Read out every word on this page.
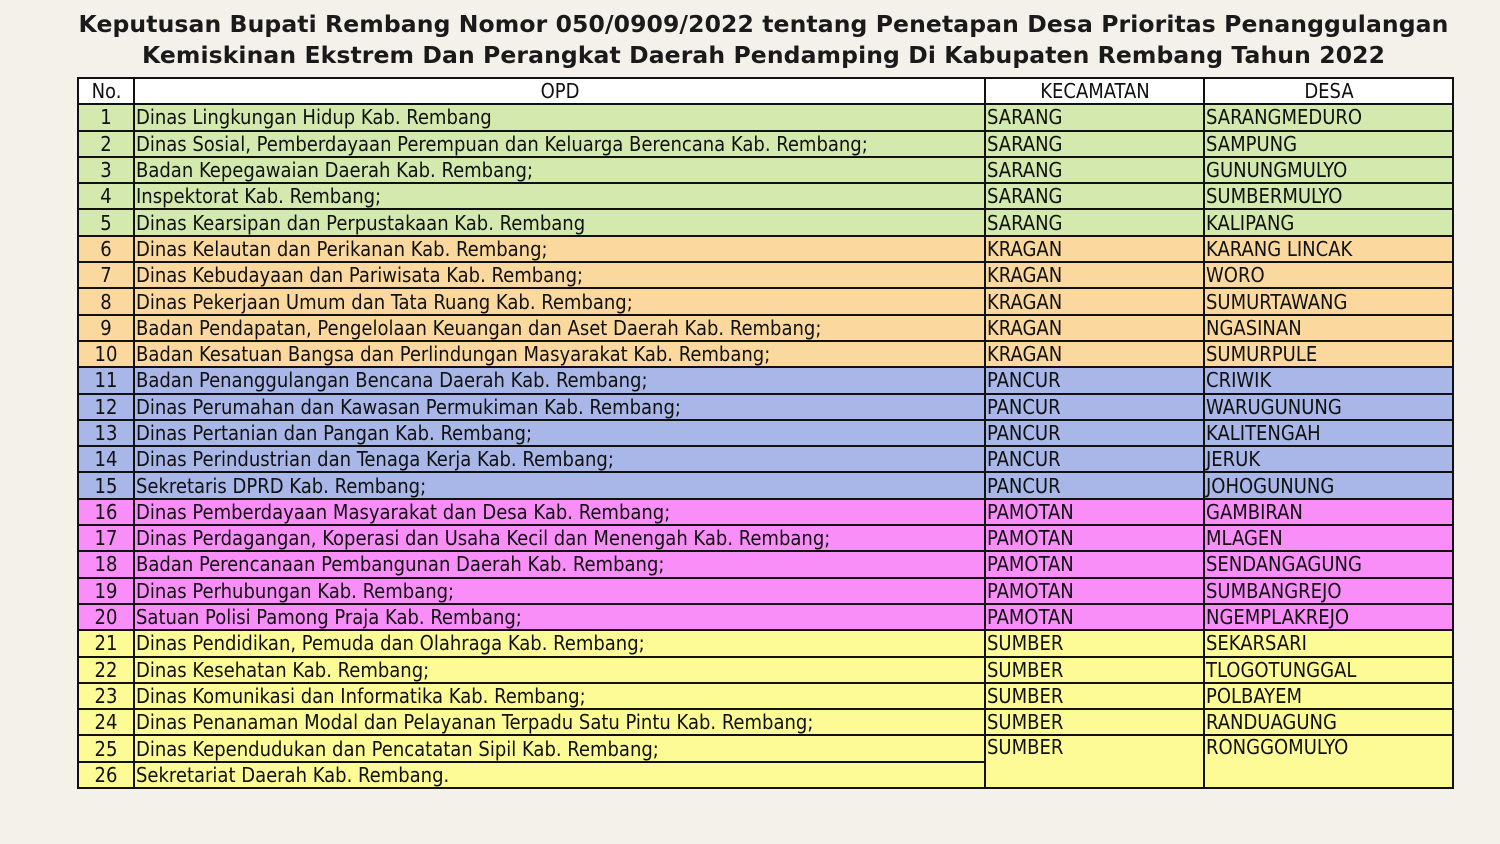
Keputusan Bupati Rembang Nomor 050/0909/2022 tentang Penetapan Desa Prioritas Penanggulangan
Kemiskinan Ekstrem Dan Perangkat Daerah Pendamping Di Kabupaten Rembang Tahun 2022
No.	OPD	KECAMATAN	DESA
1	Dinas Lingkungan Hidup Kab. Rembang	SARANG	SARANGMEDURO
2	Dinas Sosial, Pemberdayaan Perempuan dan Keluarga Berencana Kab. Rembang;	SARANG	SAMPUNG
3	Badan Kepegawaian Daerah Kab. Rembang;	SARANG	GUNUNGMULYO
4	Inspektorat Kab. Rembang;	SARANG	SUMBERMULYO
5	Dinas Kearsipan dan Perpustakaan Kab. Rembang	SARANG	KALIPANG
6	Dinas Kelautan dan Perikanan Kab. Rembang;	KRAGAN	KARANG LINCAK
7	Dinas Kebudayaan dan Pariwisata Kab. Rembang;	KRAGAN	WORO
8	Dinas Pekerjaan Umum dan Tata Ruang Kab. Rembang;	KRAGAN	SUMURTAWANG
9	Badan Pendapatan, Pengelolaan Keuangan dan Aset Daerah Kab. Rembang;	KRAGAN	NGASINAN
10	Badan Kesatuan Bangsa dan Perlindungan Masyarakat Kab. Rembang;	KRAGAN	SUMURPULE
11	Badan Penanggulangan Bencana Daerah Kab. Rembang;	PANCUR	CRIWIK
12	Dinas Perumahan dan Kawasan Permukiman Kab. Rembang;	PANCUR	WARUGUNUNG
13	Dinas Pertanian dan Pangan Kab. Rembang;	PANCUR	KALITENGAH
14	Dinas Perindustrian dan Tenaga Kerja Kab. Rembang;	PANCUR	JERUK
15	Sekretaris DPRD Kab. Rembang;	PANCUR	JOHOGUNUNG
16	Dinas Pemberdayaan Masyarakat dan Desa Kab. Rembang;	PAMOTAN	GAMBIRAN
17	Dinas Perdagangan, Koperasi dan Usaha Kecil dan Menengah Kab. Rembang;	PAMOTAN	MLAGEN
18	Badan Perencanaan Pembangunan Daerah Kab. Rembang;	PAMOTAN	SENDANGAGUNG
19	Dinas Perhubungan Kab. Rembang;	PAMOTAN	SUMBANGREJO
20	Satuan Polisi Pamong Praja Kab. Rembang;	PAMOTAN	NGEMPLAKREJO
21	Dinas Pendidikan, Pemuda dan Olahraga Kab. Rembang;	SUMBER	SEKARSARI
22	Dinas Kesehatan Kab. Rembang;	SUMBER	TLOGOTUNGGAL
23	Dinas Komunikasi dan Informatika Kab. Rembang;	SUMBER	POLBAYEM
24	Dinas Penanaman Modal dan Pelayanan Terpadu Satu Pintu Kab. Rembang;	SUMBER	RANDUAGUNG
25	Dinas Kependudukan dan Pencatatan Sipil Kab. Rembang;	SUMBER	RONGGOMULYO
26	Sekretariat Daerah Kab. Rembang.		
